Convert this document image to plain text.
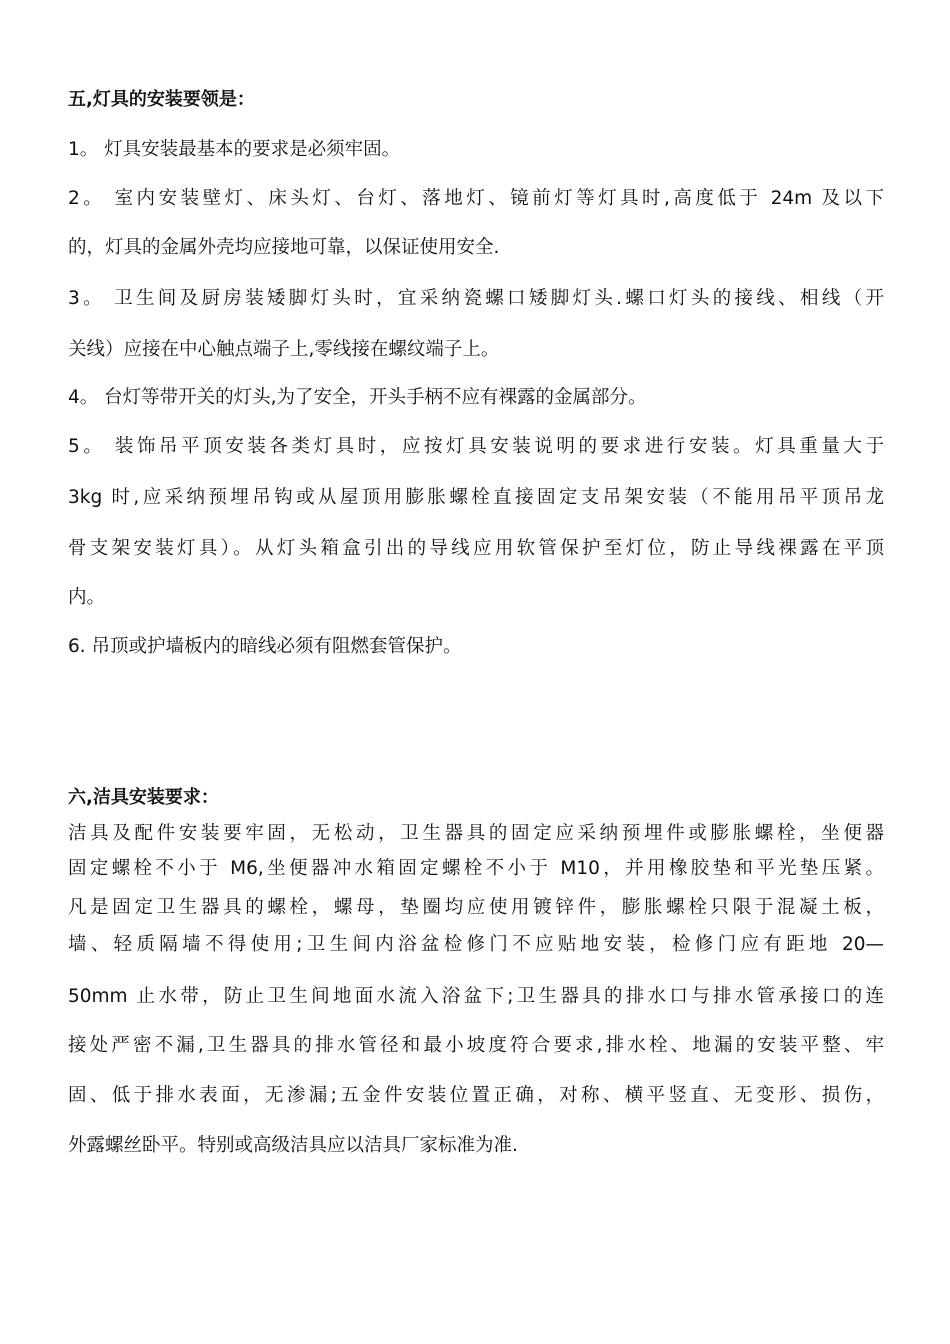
五,灯具的安装要领是：
1。 灯具安装最基本的要求是必须牢固。
2。 室内安装壁灯、床头灯、台灯、落地灯、镜前灯等灯具时,高度低于 24m 及以下
的，灯具的金属外壳均应接地可靠，以保证使用安全.
3。 卫生间及厨房装矮脚灯头时，宜采纳瓷螺口矮脚灯头.螺口灯头的接线、相线（开
关线）应接在中心触点端子上,零线接在螺纹端子上。
4。 台灯等带开关的灯头,为了安全，开头手柄不应有裸露的金属部分。
5。 装饰吊平顶安装各类灯具时，应按灯具安装说明的要求进行安装。灯具重量大于
3kg 时,应采纳预埋吊钩或从屋顶用膨胀螺栓直接固定支吊架安装（不能用吊平顶吊龙
骨支架安装灯具）。从灯头箱盒引出的导线应用软管保护至灯位，防止导线裸露在平顶
内。
6. 吊顶或护墙板内的暗线必须有阻燃套管保护。
六,洁具安装要求：
洁具及配件安装要牢固，无松动，卫生器具的固定应采纳预埋件或膨胀螺栓，坐便器
固定螺栓不小于 M6,坐便器冲水箱固定螺栓不小于 M10，并用橡胶垫和平光垫压紧。
凡是固定卫生器具的螺栓，螺母，垫圈均应使用镀锌件，膨胀螺栓只限于混凝土板，
墙、轻质隔墙不得使用;卫生间内浴盆检修门不应贴地安装，检修门应有距地 20—
50mm 止水带，防止卫生间地面水流入浴盆下;卫生器具的排水口与排水管承接口的连
接处严密不漏,卫生器具的排水管径和最小坡度符合要求,排水栓、地漏的安装平整、牢
固、低于排水表面，无渗漏;五金件安装位置正确，对称、横平竖直、无变形、损伤，
外露螺丝卧平。特别或高级洁具应以洁具厂家标准为准.
